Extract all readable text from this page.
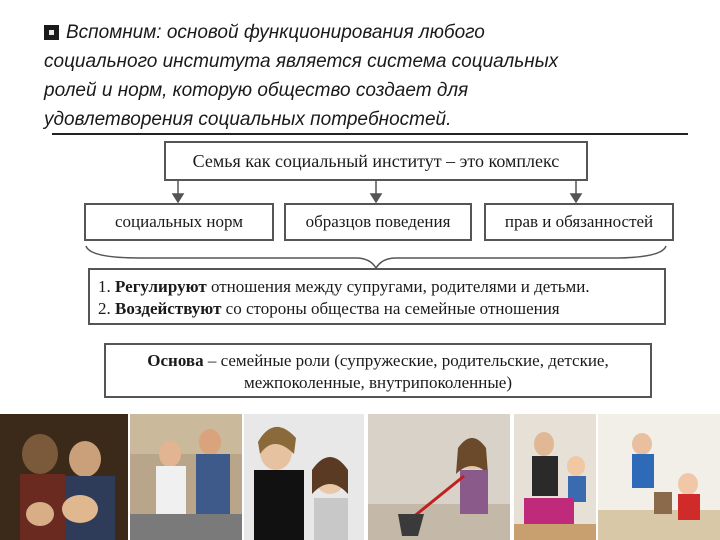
Вспомним: основой функционирования любого
социального института является система социальных
ролей и норм, которую общество создает для
удовлетворения социальных потребностей.
Семья как социальный институт – это комплекс
социальных норм	образцов поведения	прав и обязанностей
1. Регулируют отношения между супругами, родителями и детьми.
2. Воздействуют со стороны общества на семейные отношения
Основа – семейные роли (супружеские, родительские, детские,
межпоколенные, внутрипоколенные)
